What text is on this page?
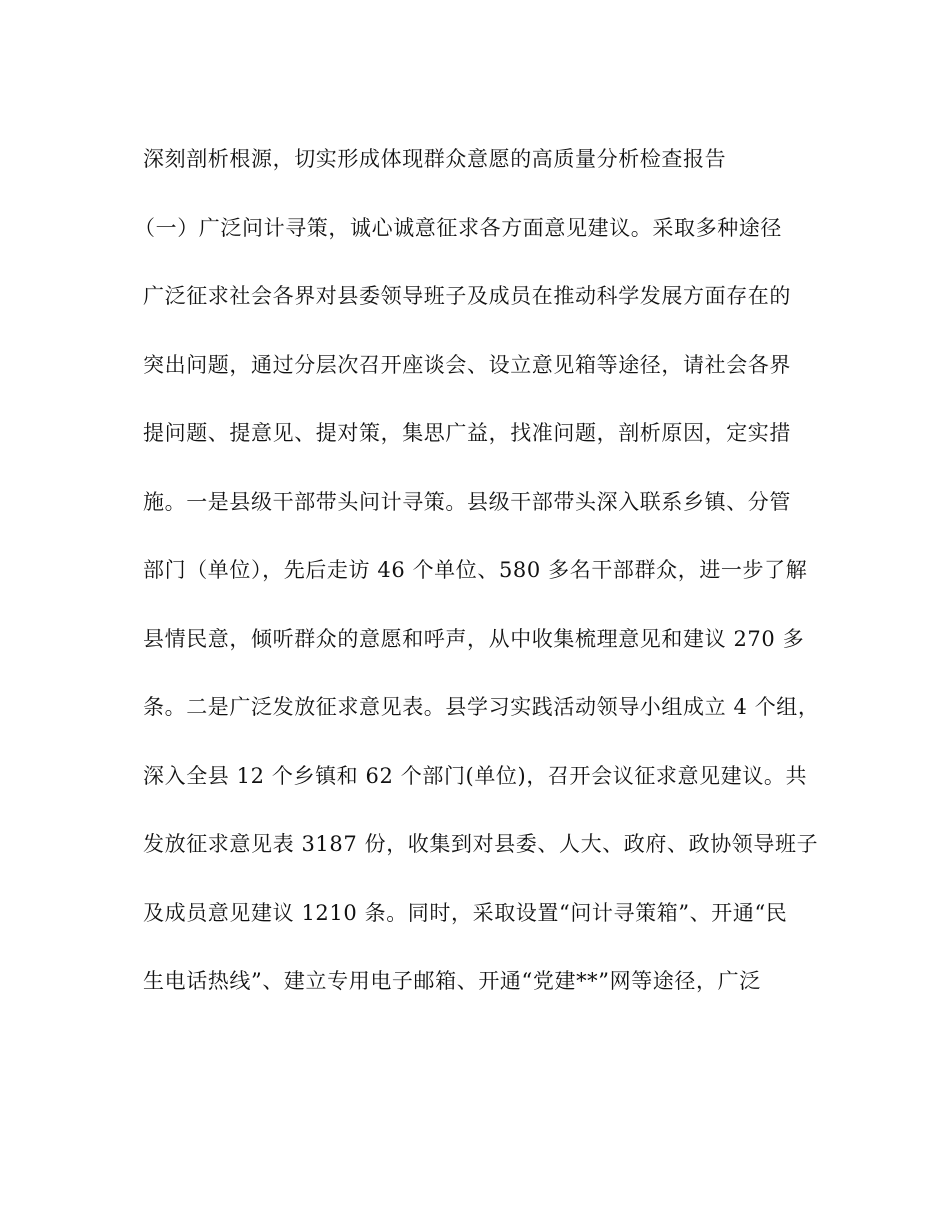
深刻剖析根源，切实形成体现群众意愿的高质量分析检查报告
（一）广泛问计寻策，诚心诚意征求各方面意见建议。采取多种途径
广泛征求社会各界对县委领导班子及成员在推动科学发展方面存在的
突出问题，通过分层次召开座谈会、设立意见箱等途径，请社会各界
提问题、提意见、提对策，集思广益，找准问题，剖析原因，定实措
施。一是县级干部带头问计寻策。县级干部带头深入联系乡镇、分管
部门（单位），先后走访 46 个单位、580 多名干部群众，进一步了解
县情民意，倾听群众的意愿和呼声，从中收集梳理意见和建议 270 多
条。二是广泛发放征求意见表。县学习实践活动领导小组成立 4 个组，
深入全县 12 个乡镇和 62 个部门(单位)，召开会议征求意见建议。共
发放征求意见表 3187 份，收集到对县委、人大、政府、政协领导班子
及成员意见建议 1210 条。同时，采取设置“问计寻策箱”、开通“民
生电话热线”、建立专用电子邮箱、开通“党建**”网等途径，广泛
